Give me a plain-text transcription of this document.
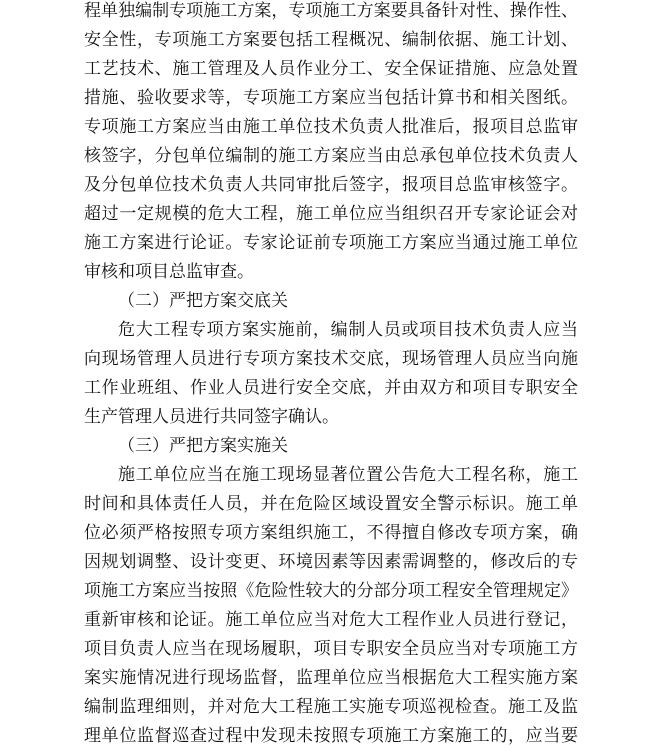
程单独编制专项施工方案，专项施工方案要具备针对性、操作性、
安全性，专项施工方案要包括工程概况、编制依据、施工计划、
工艺技术、施工管理及人员作业分工、安全保证措施、应急处置
措施、验收要求等，专项施工方案应当包括计算书和相关图纸。
专项施工方案应当由施工单位技术负责人批准后，报项目总监审
核签字，分包单位编制的施工方案应当由总承包单位技术负责人
及分包单位技术负责人共同审批后签字，报项目总监审核签字。
超过一定规模的危大工程，施工单位应当组织召开专家论证会对
施工方案进行论证。专家论证前专项施工方案应当通过施工单位
审核和项目总监审查。
（二）严把方案交底关
危大工程专项方案实施前，编制人员或项目技术负责人应当
向现场管理人员进行专项方案技术交底，现场管理人员应当向施
工作业班组、作业人员进行安全交底，并由双方和项目专职安全
生产管理人员进行共同签字确认。
（三）严把方案实施关
施工单位应当在施工现场显著位置公告危大工程名称，施工
时间和具体责任人员，并在危险区域设置安全警示标识。施工单
位必须严格按照专项方案组织施工，不得擅自修改专项方案，确
因规划调整、设计变更、环境因素等因素需调整的，修改后的专
项施工方案应当按照《危险性较大的分部分项工程安全管理规定》
重新审核和论证。施工单位应当对危大工程作业人员进行登记，
项目负责人应当在现场履职，项目专职安全员应当对专项施工方
案实施情况进行现场监督，监理单位应当根据危大工程实施方案
编制监理细则，并对危大工程施工实施专项巡视检查。施工及监
理单位监督巡查过程中发现未按照专项施工方案施工的，应当要
